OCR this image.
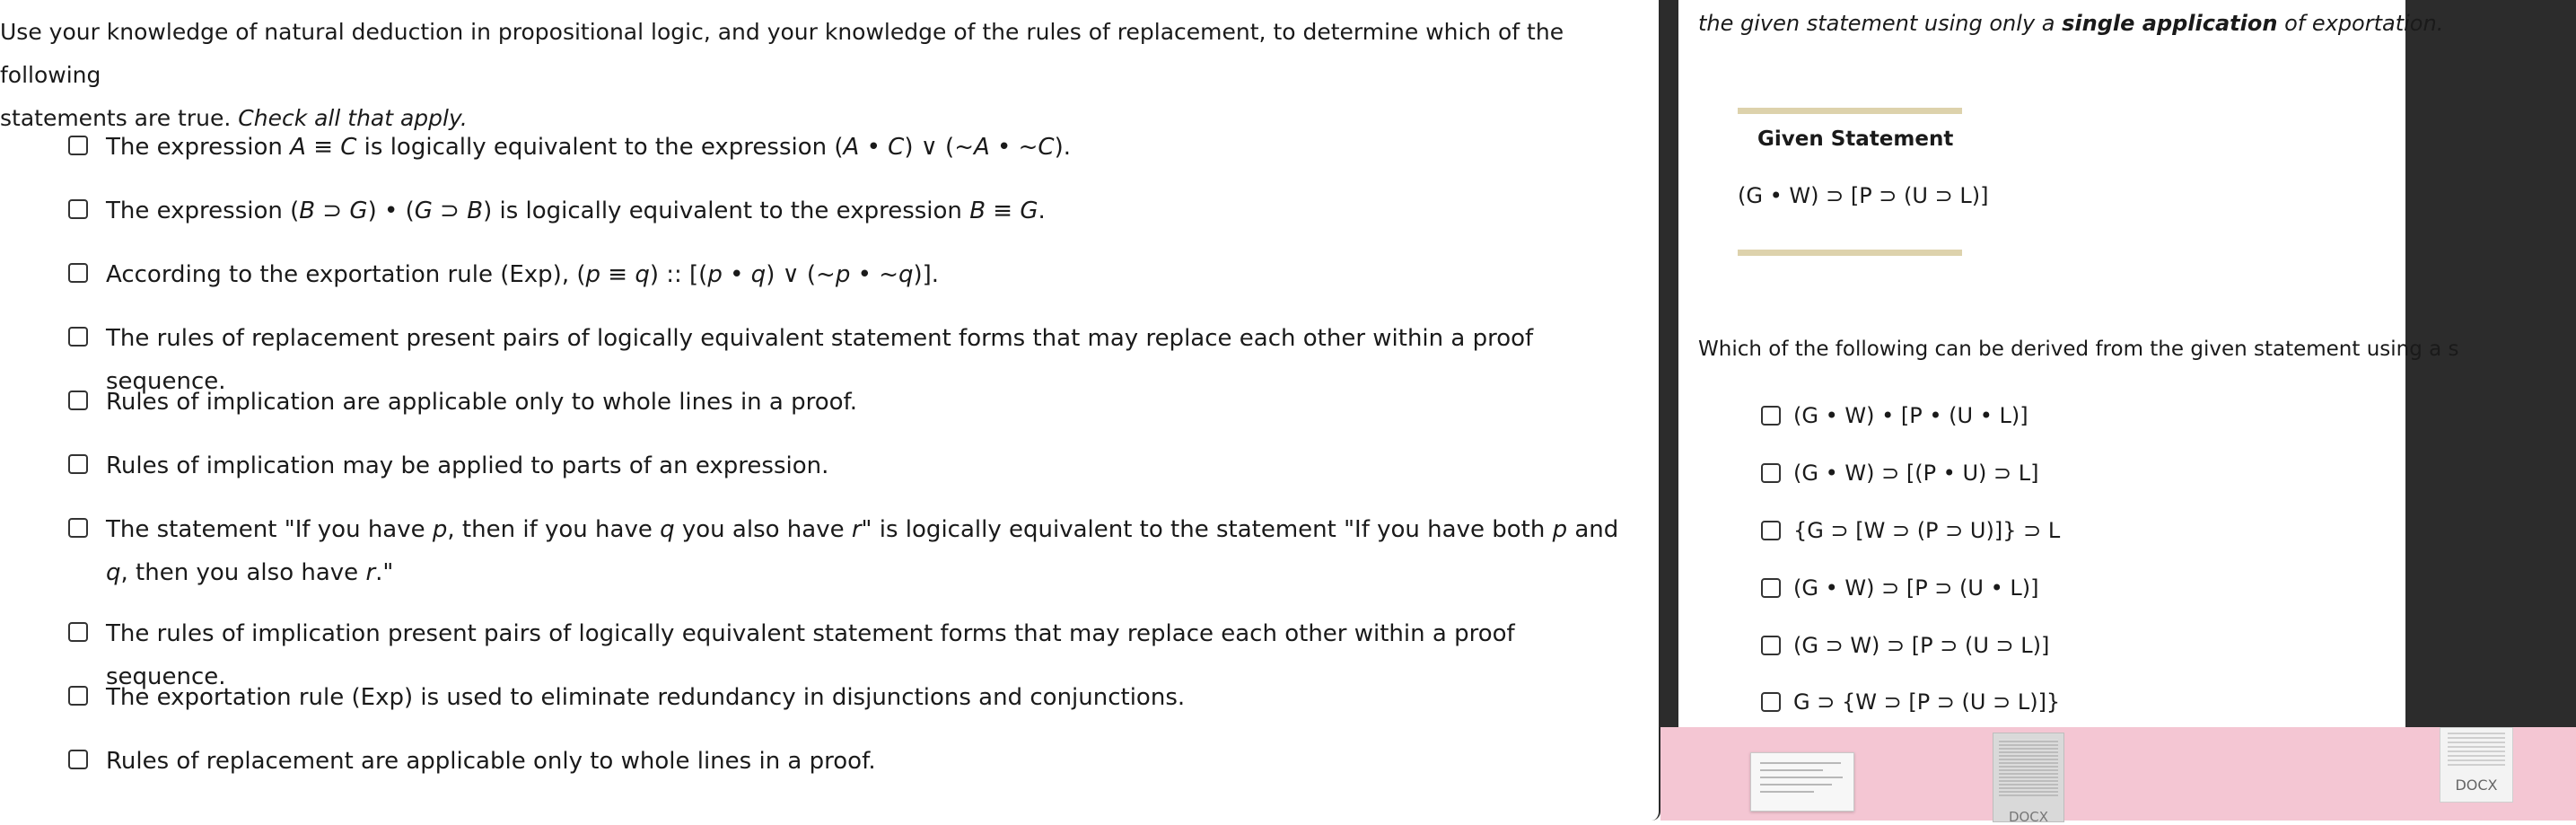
Use your knowledge of natural deduction in propositional logic, and your knowledge of the rules of replacement, to determine which of the following
statements are true. Check all that apply.
The expression A ≡ C is logically equivalent to the expression (A • C) ∨ (~A • ~C).
The expression (B ⊃ G) • (G ⊃ B) is logically equivalent to the expression B ≡ G.
According to the exportation rule (Exp), (p ≡ q) :: [(p • q) ∨ (~p • ~q)].
The rules of replacement present pairs of logically equivalent statement forms that may replace each other within a proof sequence.
Rules of implication are applicable only to whole lines in a proof.
Rules of implication may be applied to parts of an expression.
The statement "If you have p, then if you have q you also have r" is logically equivalent to the statement "If you have both p and q, then you also have r."
The rules of implication present pairs of logically equivalent statement forms that may replace each other within a proof sequence.
The exportation rule (Exp) is used to eliminate redundancy in disjunctions and conjunctions.
Rules of replacement are applicable only to whole lines in a proof.
the given statement using only a single application of exportation.
Given Statement
(G • W) ⊃ [P ⊃ (U ⊃ L)]
Which of the following can be derived from the given statement using a s
(G • W) • [P • (U • L)]
(G • W) ⊃ [(P • U) ⊃ L]
{G ⊃ [W ⊃ (P ⊃ U)]} ⊃ L
(G • W) ⊃ [P ⊃ (U • L)]
(G ⊃ W) ⊃ [P ⊃ (U ⊃ L)]
G ⊃ {W ⊃ [P ⊃ (U ⊃ L)]}
DOCX
DOCX
